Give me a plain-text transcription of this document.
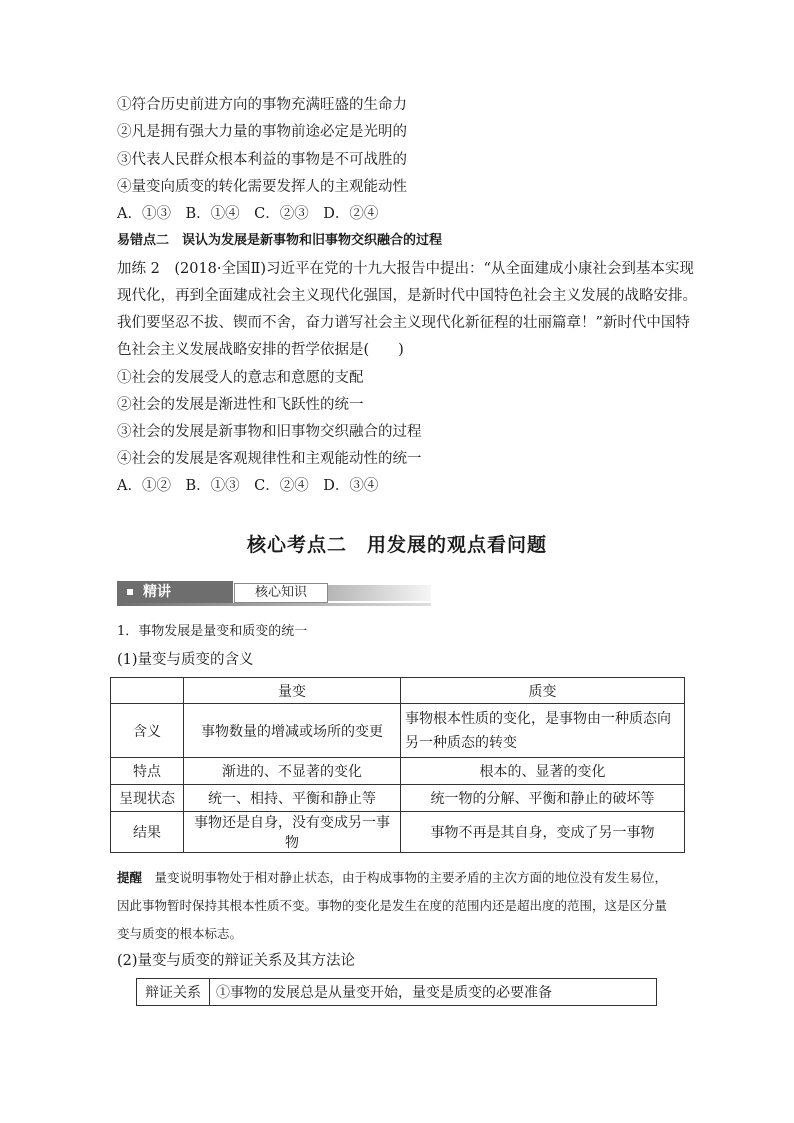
①符合历史前进方向的事物充满旺盛的生命力
②凡是拥有强大力量的事物前途必定是光明的
③代表人民群众根本利益的事物是不可战胜的
④量变向质变的转化需要发挥人的主观能动性
A．①③　B．①④　C．②③　D．②④
易错点二　误认为发展是新事物和旧事物交织融合的过程
加练 2　(2018·全国Ⅱ)习近平在党的十九大报告中提出：“从全面建成小康社会到基本实现
现代化，再到全面建成社会主义现代化强国，是新时代中国特色社会主义发展的战略安排。
我们要坚忍不拔、锲而不舍，奋力谱写社会主义现代化新征程的壮丽篇章！”新时代中国特
色社会主义发展战略安排的哲学依据是(　　)
①社会的发展受人的意志和意愿的支配
②社会的发展是渐进性和飞跃性的统一
③社会的发展是新事物和旧事物交织融合的过程
④社会的发展是客观规律性和主观能动性的统一
A．①②　B．①③　C．②④　D．③④
核心考点二　用发展的观点看问题
精讲	核心知识
1．事物发展是量变和质变的统一
(1)量变与质变的含义
	量变	质变
含义	事物数量的增减或场所的变更	事物根本性质的变化，是事物由一种质态向另一种质态的转变
特点	渐进的、不显著的变化	根本的、显著的变化
呈现状态	统一、相持、平衡和静止等	统一物的分解、平衡和静止的破坏等
结果	事物还是自身，没有变成另一事物	事物不再是其自身，变成了另一事物
提醒　量变说明事物处于相对静止状态，由于构成事物的主要矛盾的主次方面的地位没有发生易位，因此事物暂时保持其根本性质不变。事物的变化是发生在度的范围内还是超出度的范围，这是区分量变与质变的根本标志。
(2)量变与质变的辩证关系及其方法论
辩证关系	①事物的发展总是从量变开始，量变是质变的必要准备
